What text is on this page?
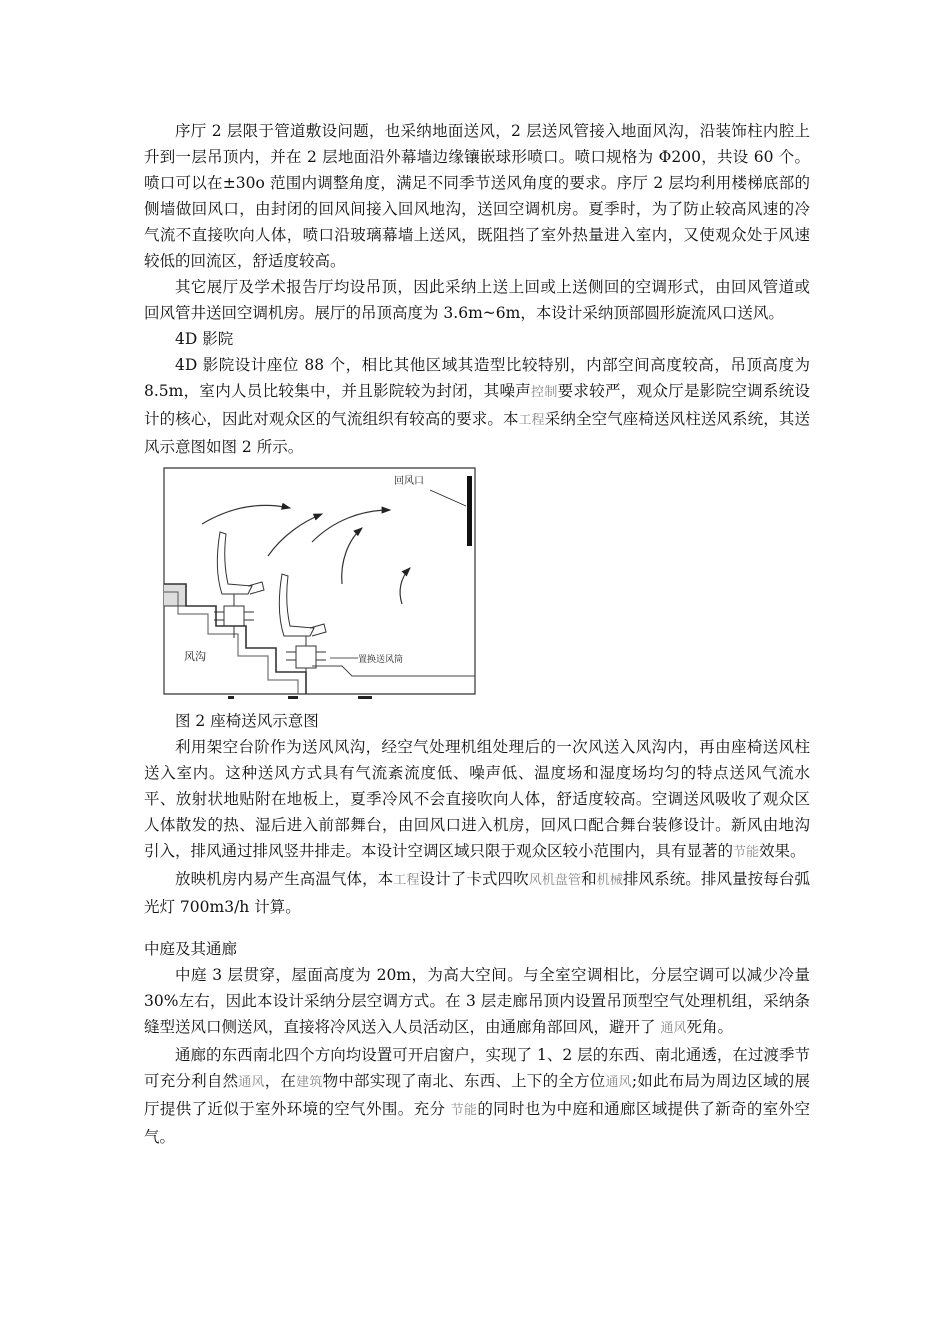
序厅 2 层限于管道敷设问题，也采纳地面送风，2 层送风管接入地面风沟，沿装饰柱内腔上升到一层吊顶内，并在 2 层地面沿外幕墙边缘镶嵌球形喷口。喷口规格为 Φ200，共设 60 个。喷口可以在±30o 范围内调整角度，满足不同季节送风角度的要求。序厅 2 层均利用楼梯底部的侧墙做回风口，由封闭的回风间接入回风地沟，送回空调机房。夏季时，为了防止较高风速的冷气流不直接吹向人体，喷口沿玻璃幕墙上送风，既阻挡了室外热量进入室内，又使观众处于风速较低的回流区，舒适度较高。

其它展厅及学术报告厅均设吊顶，因此采纳上送上回或上送侧回的空调形式，由回风管道或回风管井送回空调机房。展厅的吊顶高度为 3.6m~6m，本设计采纳顶部圆形旋流风口送风。

4D 影院

4D 影院设计座位 88 个，相比其他区域其造型比较特别，内部空间高度较高，吊顶高度为 8.5m，室内人员比较集中，并且影院较为封闭，其噪声控制要求较严，观众厅是影院空调系统设计的核心，因此对观众区的气流组织有较高的要求。本工程采纳全空气座椅送风柱送风系统，其送风示意图如图 2 所示。

回风口
风沟	置换送风筒

图 2 座椅送风示意图

利用架空台阶作为送风风沟，经空气处理机组处理后的一次风送入风沟内，再由座椅送风柱送入室内。这种送风方式具有气流紊流度低、噪声低、温度场和湿度场均匀的特点送风气流水平、放射状地贴附在地板上，夏季冷风不会直接吹向人体，舒适度较高。空调送风吸收了观众区人体散发的热、湿后进入前部舞台，由回风口进入机房，回风口配合舞台装修设计。新风由地沟引入，排风通过排风竖井排走。本设计空调区域只限于观众区较小范围内，具有显著的节能效果。

放映机房内易产生高温气体，本工程设计了卡式四吹风机盘管和机械排风系统。排风量按每台弧光灯 700m3/h 计算。

中庭及其通廊

中庭 3 层贯穿，屋面高度为 20m，为高大空间。与全室空调相比，分层空调可以减少冷量 30%左右，因此本设计采纳分层空调方式。在 3 层走廊吊顶内设置吊顶型空气处理机组，采纳条缝型送风口侧送风，直接将冷风送入人员活动区，由通廊角部回风，避开了 通风死角。

通廊的东西南北四个方向均设置可开启窗户，实现了 1、2 层的东西、南北通透，在过渡季节可充分利自然通风，在建筑物中部实现了南北、东西、上下的全方位通风;如此布局为周边区域的展厅提供了近似于室外环境的空气外围。充分 节能的同时也为中庭和通廊区域提供了新奇的室外空气。
